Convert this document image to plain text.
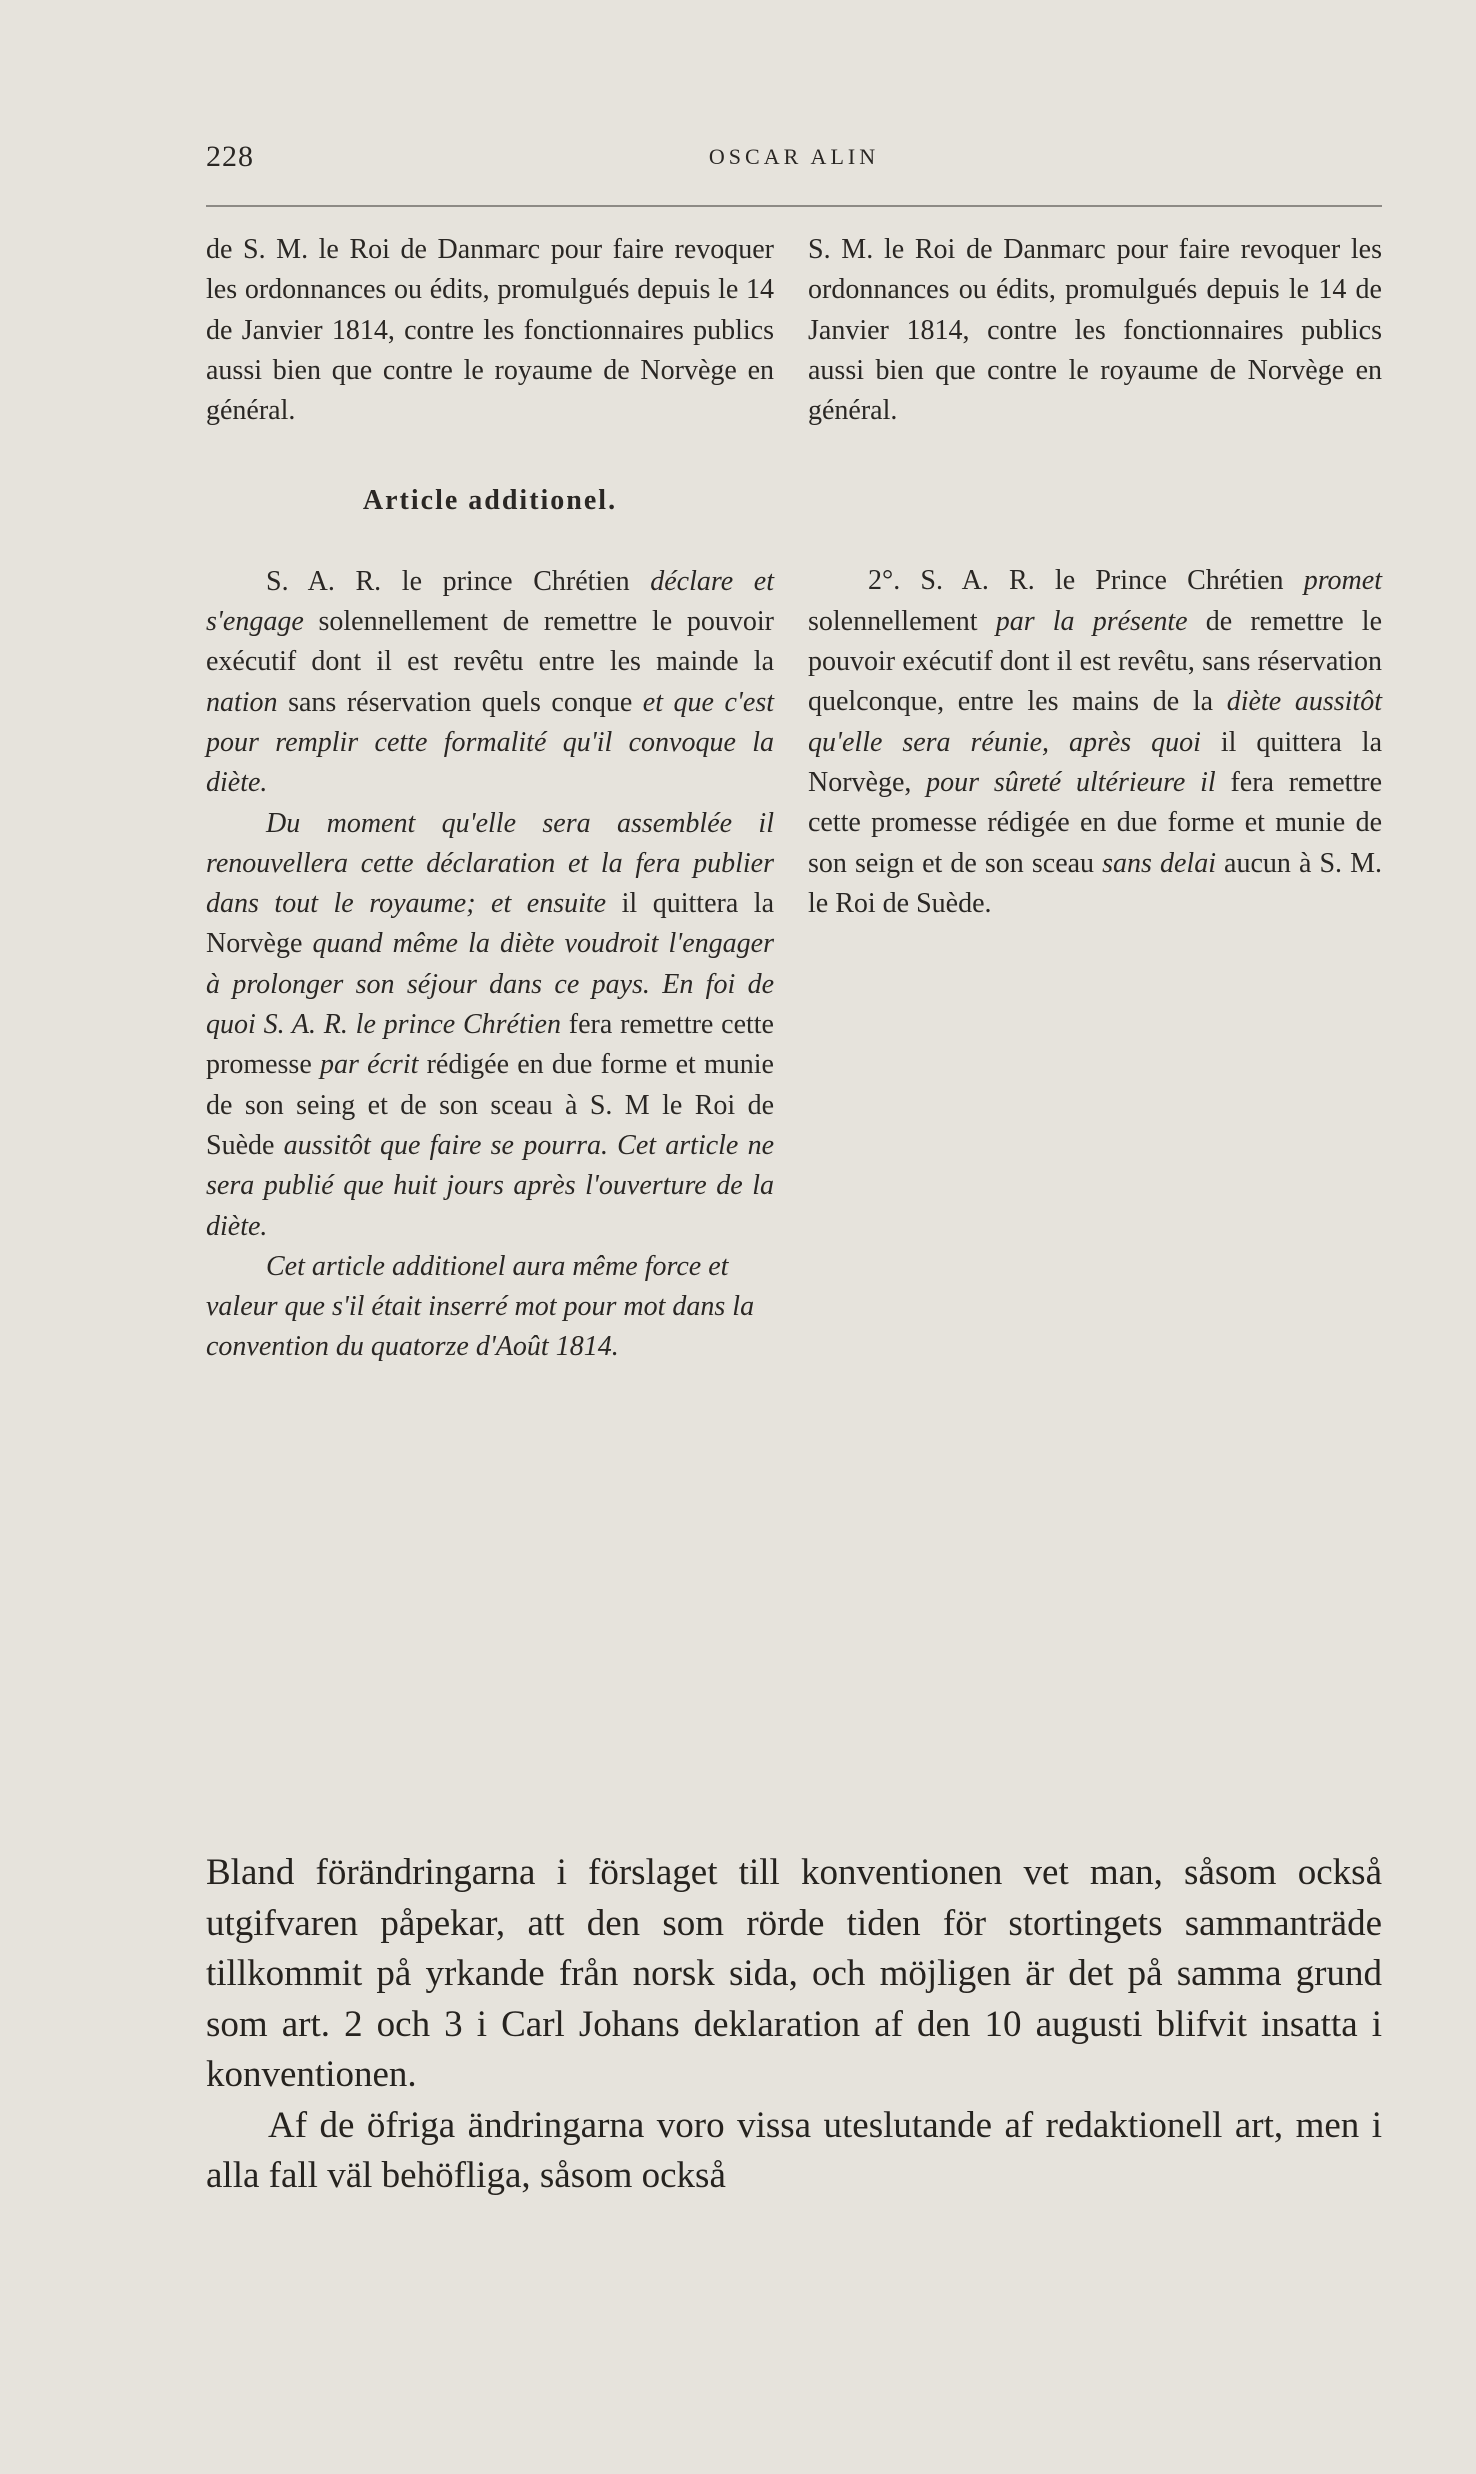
228	OSCAR ALIN

de S. M. le Roi de Danmarc pour faire revoquer les ordonnances ou édits, promulgués depuis le 14 de Janvier 1814, contre les fonctionnaires publics aussi bien que contre le royaume de Norvège en général.

Article additionel.

S. A. R. le prince Chrétien déclare et s'engage solennellement de remettre le pouvoir exécutif dont il est revêtu entre les mainde la nation sans réservation quels conque et que c'est pour remplir cette formalité qu'il convoque la diète.

Du moment qu'elle sera assemblée il renouvellera cette déclaration et la fera publier dans tout le royaume; et ensuite il quittera la Norvège quand même la diète voudroit l'engager à prolonger son séjour dans ce pays. En foi de quoi S. A. R. le prince Chrétien fera remettre cette promesse par écrit rédigée en due forme et munie de son seing et de son sceau à S. M le Roi de Suède aussitôt que faire se pourra. Cet article ne sera publié que huit jours après l'ouverture de la diète.

Cet article additionel aura même force et valeur que s'il était inserré mot pour mot dans la convention du quatorze d'Août 1814.

S. M. le Roi de Danmarc pour faire revoquer les ordonnances ou édits, promulgués depuis le 14 de Janvier 1814, contre les fonctionnaires publics aussi bien que contre le royaume de Norvège en général.

2°. S. A. R. le Prince Chrétien promet solennellement par la présente de remettre le pouvoir exécutif dont il est revêtu, sans réservation quelconque, entre les mains de la diète aussitôt qu'elle sera réunie, après quoi il quittera la Norvège, pour sûreté ultérieure il fera remettre cette promesse rédigée en due forme et munie de son seign et de son sceau sans delai aucun à S. M. le Roi de Suède.

Bland förändringarna i förslaget till konventionen vet man, såsom också utgifvaren påpekar, att den som rörde tiden för stortingets sammanträde tillkommit på yrkande från norsk sida, och möjligen är det på samma grund som art. 2 och 3 i Carl Johans deklaration af den 10 augusti blifvit insatta i konventionen.

Af de öfriga ändringarna voro vissa uteslutande af redaktionell art, men i alla fall väl behöfliga, såsom också
